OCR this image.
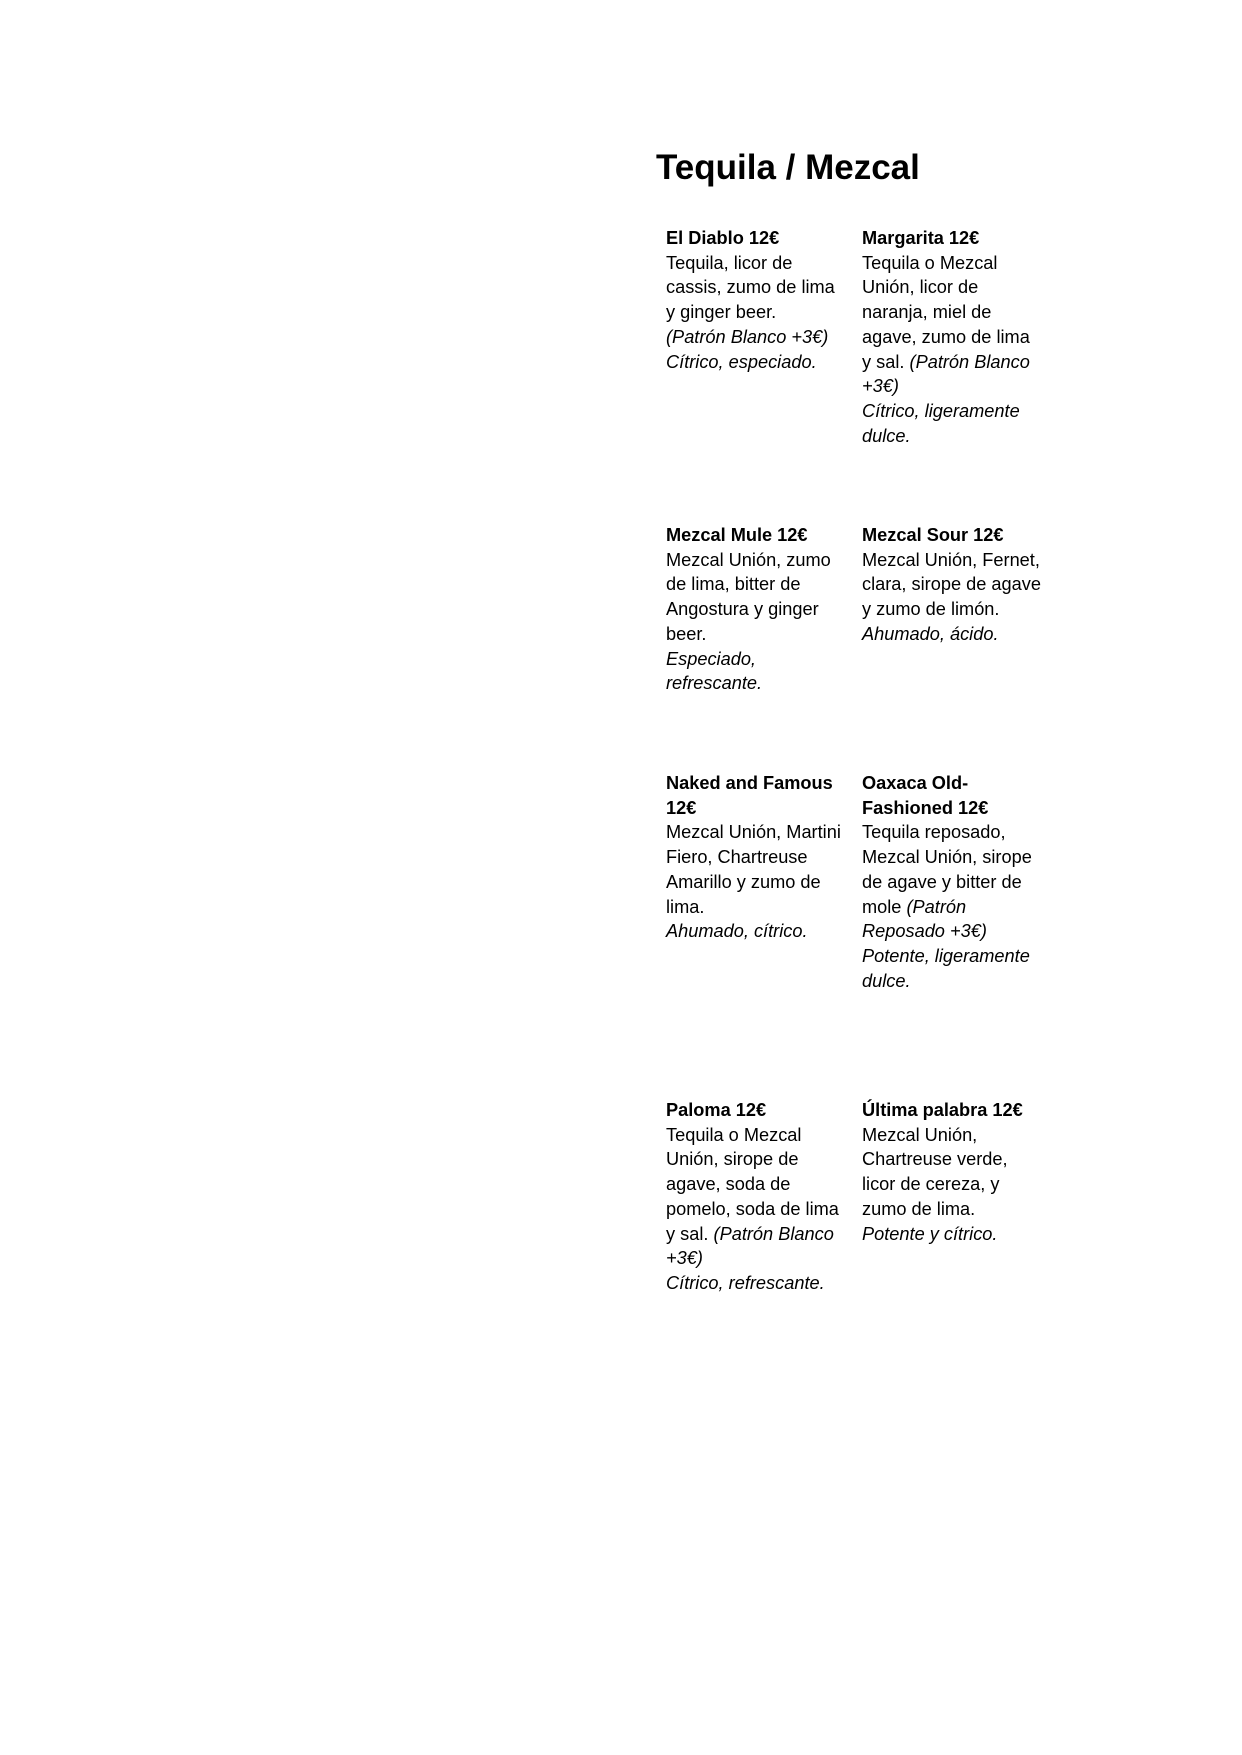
Tequila / Mezcal
El Diablo 12€
Tequila, licor de cassis, zumo de lima y ginger beer.
(Patrón Blanco +3€)
Cítrico, especiado.
Margarita 12€
Tequila o Mezcal Unión, licor de naranja, miel de agave, zumo de lima y sal. (Patrón Blanco +3€)
Cítrico, ligeramente dulce.
Mezcal Mule 12€
Mezcal Unión, zumo de lima, bitter de Angostura y ginger beer.
Especiado, refrescante.
Mezcal Sour 12€
Mezcal Unión, Fernet, clara, sirope de agave y zumo de limón.
Ahumado, ácido.
Naked and Famous 12€
Mezcal Unión, Martini Fiero, Chartreuse Amarillo y zumo de lima.
Ahumado, cítrico.
Oaxaca Old-Fashioned 12€
Tequila reposado, Mezcal Unión, sirope de agave y bitter de mole (Patrón Reposado +3€)
Potente, ligeramente dulce.
Paloma 12€
Tequila o Mezcal Unión, sirope de agave, soda de pomelo, soda de lima y sal. (Patrón Blanco +3€)
Cítrico, refrescante.
Última palabra 12€
Mezcal Unión, Chartreuse verde, licor de cereza, y zumo de lima.
Potente y cítrico.
